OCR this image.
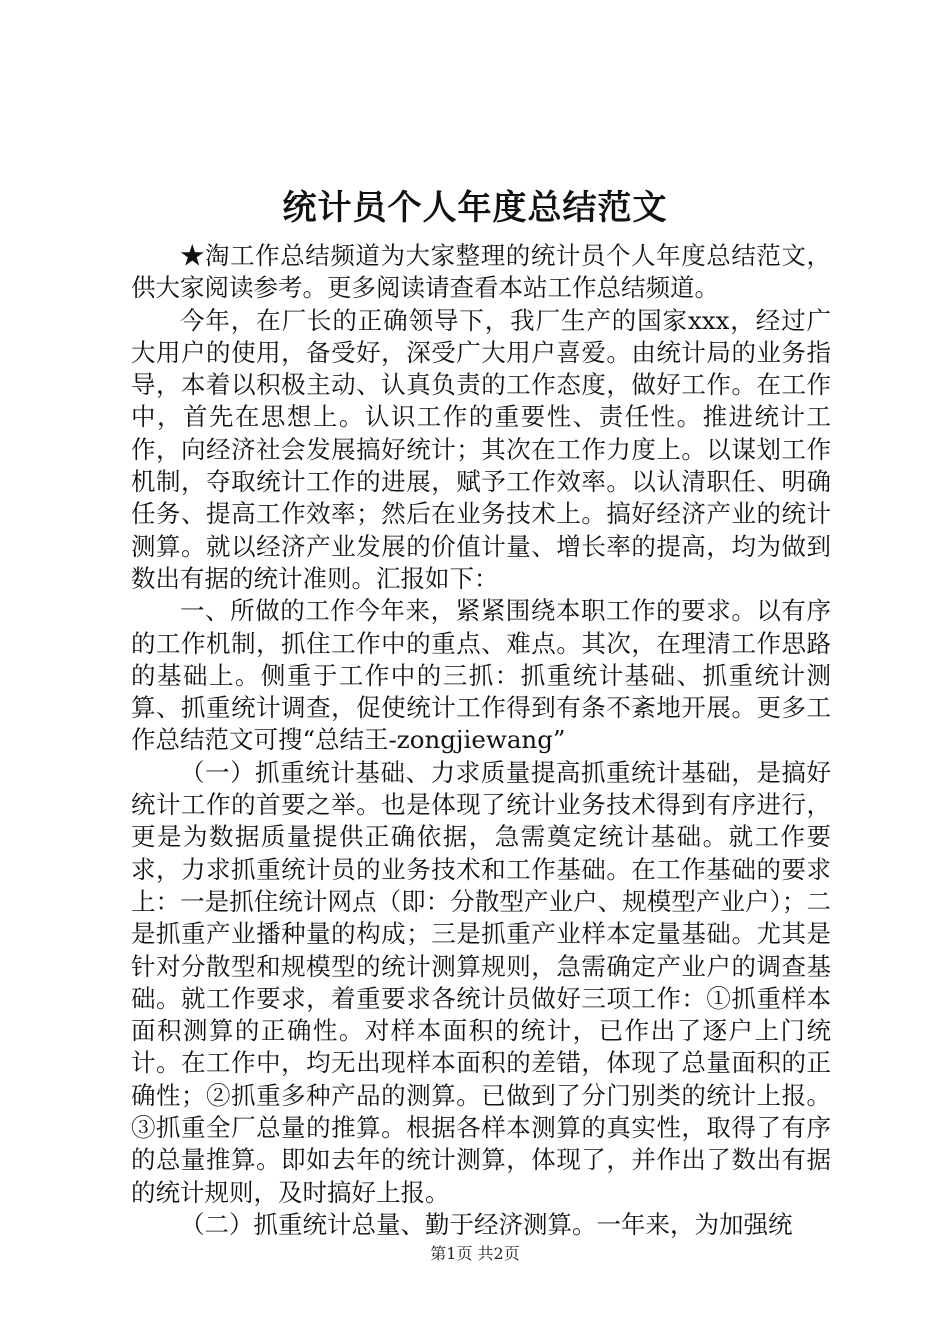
统计员个人年度总结范文

★淘工作总结频道为大家整理的统计员个人年度总结范文，供大家阅读参考。更多阅读请查看本站工作总结频道。

今年，在厂长的正确领导下，我厂生产的国家xxx，经过广大用户的使用，备受好，深受广大用户喜爱。由统计局的业务指导，本着以积极主动、认真负责的工作态度，做好工作。在工作中，首先在思想上。认识工作的重要性、责任性。推进统计工作，向经济社会发展搞好统计；其次在工作力度上。以谋划工作机制，夺取统计工作的进展，赋予工作效率。以认清职任、明确任务、提高工作效率；然后在业务技术上。搞好经济产业的统计测算。就以经济产业发展的价值计量、增长率的提高，均为做到数出有据的统计准则。汇报如下：

一、所做的工作今年来，紧紧围绕本职工作的要求。以有序的工作机制，抓住工作中的重点、难点。其次，在理清工作思路的基础上。侧重于工作中的三抓：抓重统计基础、抓重统计测算、抓重统计调查，促使统计工作得到有条不紊地开展。更多工作总结范文可搜“总结王-zongjiewang”

（一）抓重统计基础、力求质量提高抓重统计基础，是搞好统计工作的首要之举。也是体现了统计业务技术得到有序进行，更是为数据质量提供正确依据，急需奠定统计基础。就工作要求，力求抓重统计员的业务技术和工作基础。在工作基础的要求上：一是抓住统计网点（即：分散型产业户、规模型产业户）；二是抓重产业播种量的构成；三是抓重产业样本定量基础。尤其是针对分散型和规模型的统计测算规则，急需确定产业户的调查基础。就工作要求，着重要求各统计员做好三项工作：①抓重样本面积测算的正确性。对样本面积的统计，已作出了逐户上门统计。在工作中，均无出现样本面积的差错，体现了总量面积的正确性；②抓重多种产品的测算。已做到了分门别类的统计上报。③抓重全厂总量的推算。根据各样本测算的真实性，取得了有序的总量推算。即如去年的统计测算，体现了，并作出了数出有据的统计规则，及时搞好上报。

（二）抓重统计总量、勤于经济测算。一年来，为加强统

第1页 共2页
